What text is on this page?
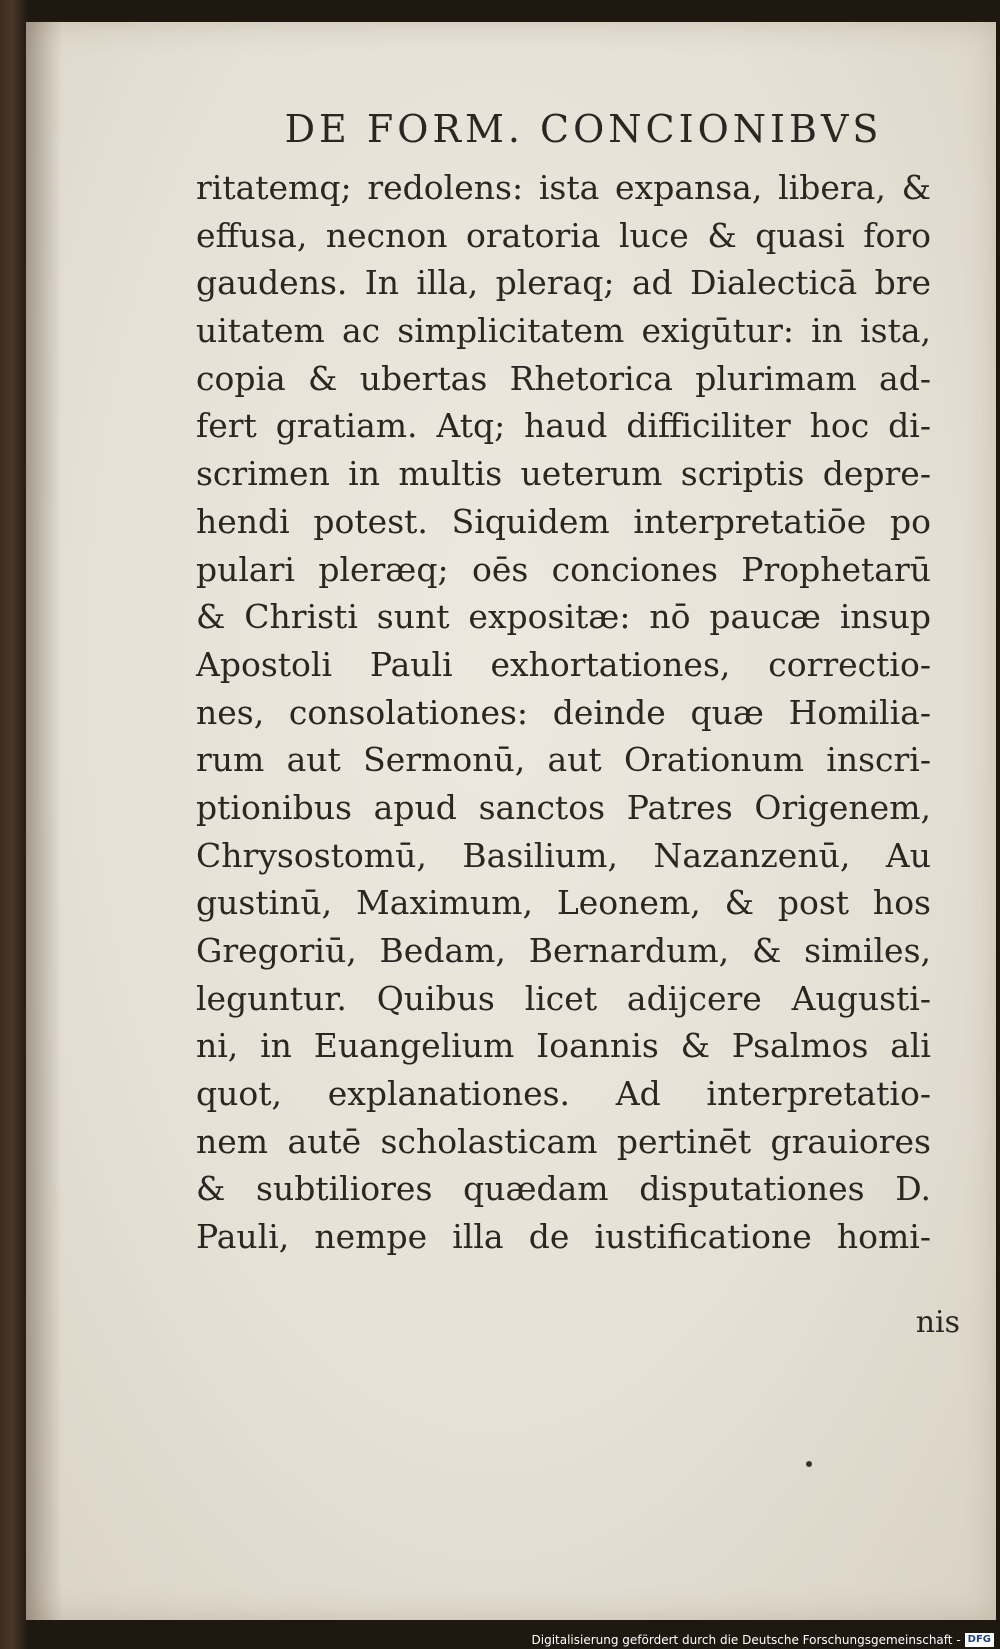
DE FORM. CONCIONIBVS
ritatemq; redolens: ista expansa, libera, &
effusa, necnon oratoria luce & quasi foro
gaudens. In illa, pleraq; ad Dialecticā bre
uitatem ac simplicitatem exigūtur: in ista,
copia & ubertas Rhetorica plurimam ad-
fert gratiam. Atq; haud difficiliter hoc di-
scrimen in multis ueterum scriptis depre-
hendi potest. Siquidem interpretatiōe po
pulari pleræq; oēs conciones Prophetarū
& Christi sunt expositæ: nō paucæ insup
Apostoli Pauli exhortationes, correctio-
nes, consolationes: deinde quæ Homilia-
rum aut Sermonū, aut Orationum inscri-
ptionibus apud sanctos Patres Origenem,
Chrysostomū, Basilium, Nazanzenū, Au
gustinū, Maximum, Leonem, & post hos
Gregoriū, Bedam, Bernardum, & similes,
leguntur. Quibus licet adijcere Augusti-
ni, in Euangelium Ioannis & Psalmos ali
quot, explanationes. Ad interpretatio-
nem autē scholasticam pertinēt grauiores
& subtiliores quædam disputationes D.
Pauli, nempe illa de iustificatione homi-
nis
Digitalisierung gefördert durch die Deutsche Forschungsgemeinschaft - DFG
